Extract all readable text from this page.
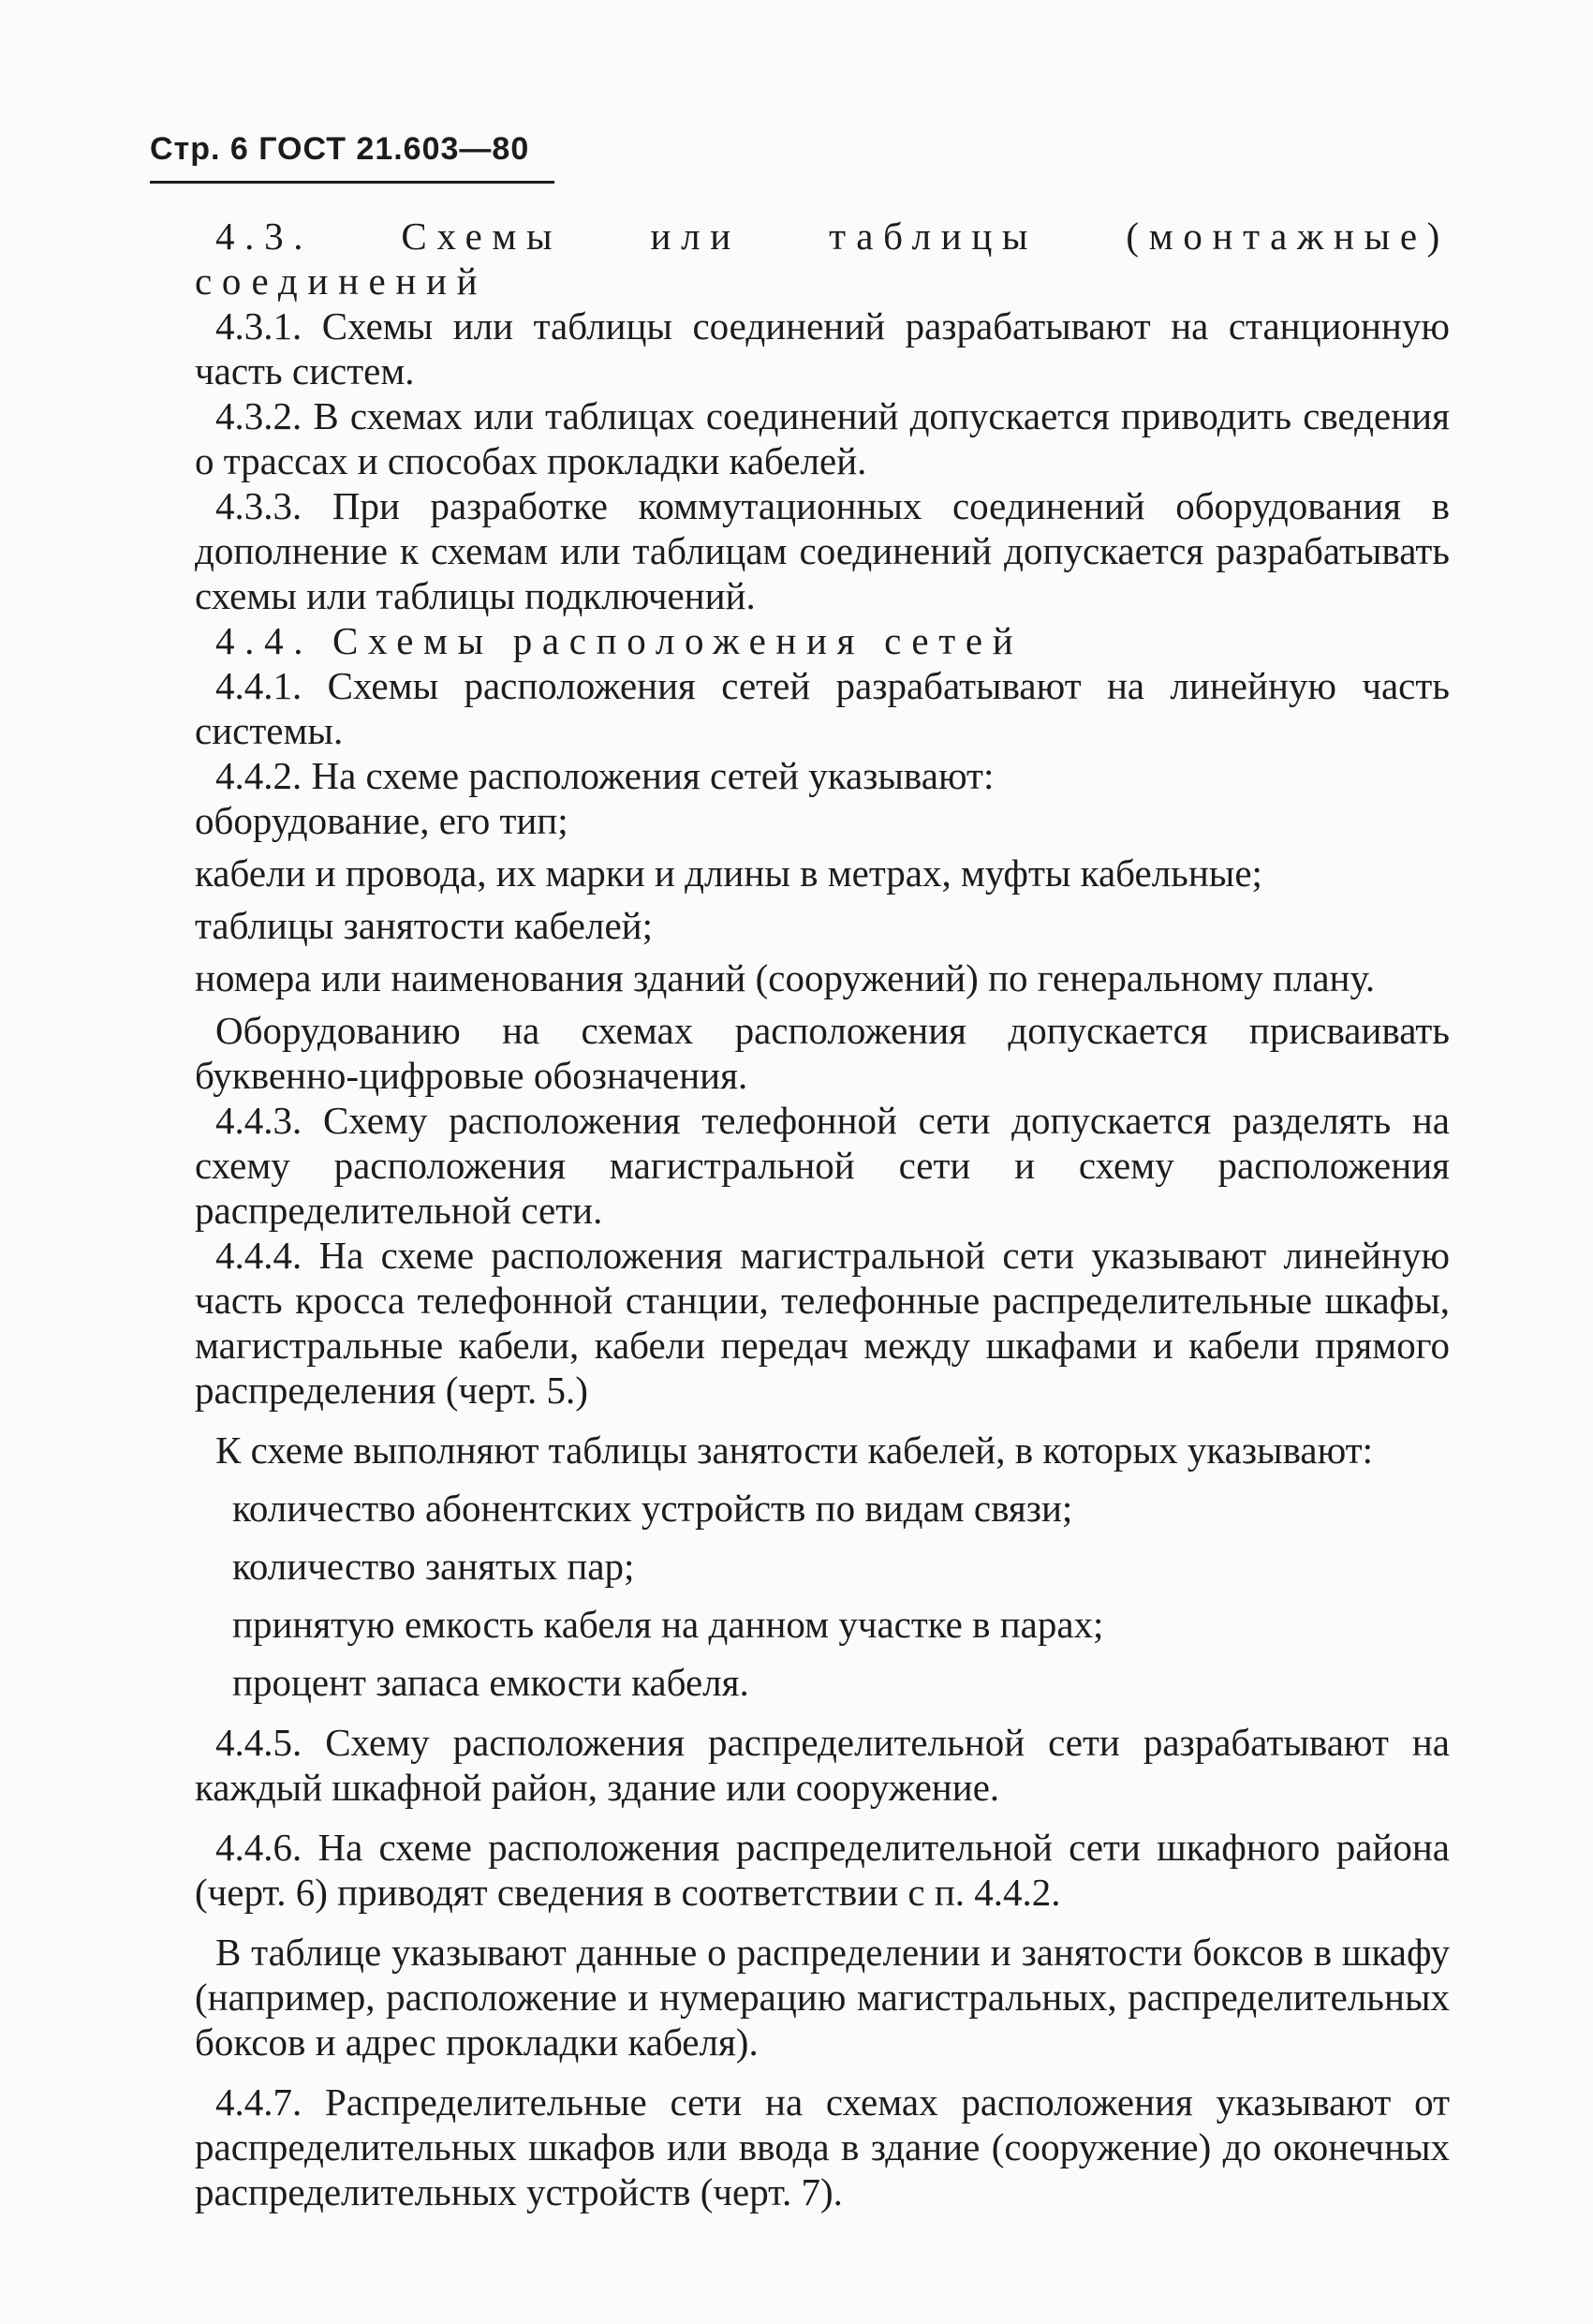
Стр. 6 ГОСТ 21.603—80

4.3. Схемы или таблицы (монтажные) соединений

4.3.1. Схемы или таблицы соединений разрабатывают на станционную часть систем.

4.3.2. В схемах или таблицах соединений допускается приводить сведения о трассах и способах прокладки кабелей.

4.3.3. При разработке коммутационных соединений оборудования в дополнение к схемам или таблицам соединений допускается разрабатывать схемы или таблицы подключений.

4.4. Схемы расположения сетей

4.4.1. Схемы расположения сетей разрабатывают на линейную часть системы.

4.4.2. На схеме расположения сетей указывают:

оборудование, его тип;
кабели и провода, их марки и длины в метрах, муфты кабельные;
таблицы занятости кабелей;
номера или наименования зданий (сооружений) по генеральному плану.

Оборудованию на схемах расположения допускается присваивать буквенно-цифровые обозначения.

4.4.3. Схему расположения телефонной сети допускается разделять на схему расположения магистральной сети и схему расположения распределительной сети.

4.4.4. На схеме расположения магистральной сети указывают линейную часть кросса телефонной станции, телефонные распределительные шкафы, магистральные кабели, кабели передач между шкафами и кабели прямого распределения (черт. 5.)

К схеме выполняют таблицы занятости кабелей, в которых указывают:

количество абонентских устройств по видам связи;
количество занятых пар;
принятую емкость кабеля на данном участке в парах;
процент запаса емкости кабеля.

4.4.5. Схему расположения распределительной сети разрабатывают на каждый шкафной район, здание или сооружение.

4.4.6. На схеме расположения распределительной сети шкафного района (черт. 6) приводят сведения в соответствии с п. 4.4.2.

В таблице указывают данные о распределении и занятости боксов в шкафу (например, расположение и нумерацию магистральных, распределительных боксов и адрес прокладки кабеля).

4.4.7. Распределительные сети на схемах расположения указывают от распределительных шкафов или ввода в здание (сооружение) до оконечных распределительных устройств (черт. 7).
